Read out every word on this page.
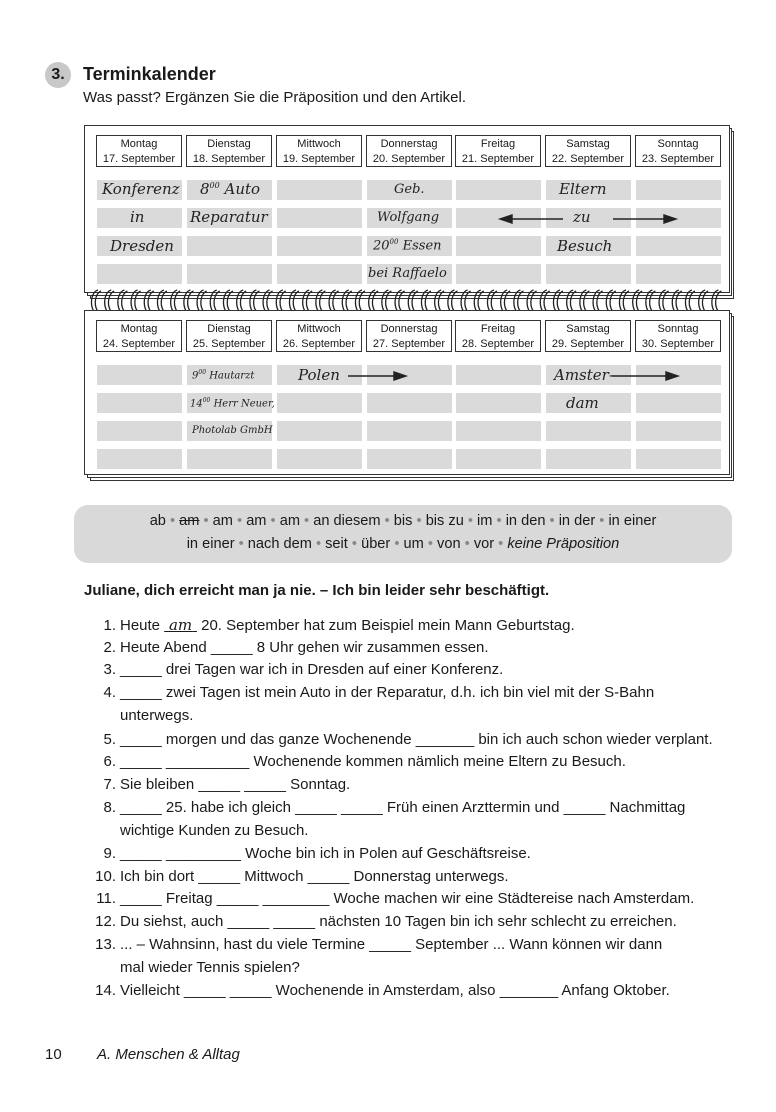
3.	Terminkalender
Was passt? Ergänzen Sie die Präposition und den Artikel.
Montag
17. September
Dienstag
18. September
Mittwoch
19. September
Donnerstag
20. September
Freitag
21. September
Samstag
22. September
Sonntag
23. September
Montag
24. September
Dienstag
25. September
Mittwoch
26. September
Donnerstag
27. September
Freitag
28. September
Samstag
29. September
Sonntag
30. September
Konferenz
in
Dresden
$8^{00}$ Auto
Reparatur
Geb.
Wolfgang
$20^{00}$ Essen
bei Raffaelo
Eltern
zu
Besuch
$9^{00}$ Hautarzt
$14^{00}$ Herr Neuer,
Photolab GmbH
Polen	Amster-
dam
ab • am • am • am • am • an diesem • bis • bis zu • im • in den • in der • in einer
in einer • nach dem • seit • über • um • von • vor • keine Präposition
Juliane, dich erreicht man ja nie. – Ich bin leider sehr beschäftigt.
1. Heute  am  20. September hat zum Beispiel mein Mann Geburtstag.
2. Heute Abend _____ 8 Uhr gehen wir zusammen essen.
3. _____ drei Tagen war ich in Dresden auf einer Konferenz.
4. _____ zwei Tagen ist mein Auto in der Reparatur, d.h. ich bin viel mit der S-Bahn
unterwegs.
5. _____ morgen und das ganze Wochenende _______ bin ich auch schon wieder verplant.
6. _____ __________ Wochenende kommen nämlich meine Eltern zu Besuch.
7. Sie bleiben _____ _____ Sonntag.
8. _____ 25. habe ich gleich _____ _____ Früh einen Arzttermin und _____ Nachmittag
wichtige Kunden zu Besuch.
9. _____ _________ Woche bin ich in Polen auf Geschäftsreise.
10. Ich bin dort _____ Mittwoch _____ Donnerstag unterwegs.
11. _____ Freitag _____ ________ Woche machen wir eine Städtereise nach Amsterdam.
12. Du siehst, auch _____ _____ nächsten 10 Tagen bin ich sehr schlecht zu erreichen.
13. ... – Wahnsinn, hast du viele Termine _____ September ... Wann können wir dann
mal wieder Tennis spielen?
14. Vielleicht _____ _____ Wochenende in Amsterdam, also _______ Anfang Oktober.
10 A. Menschen & Alltag
